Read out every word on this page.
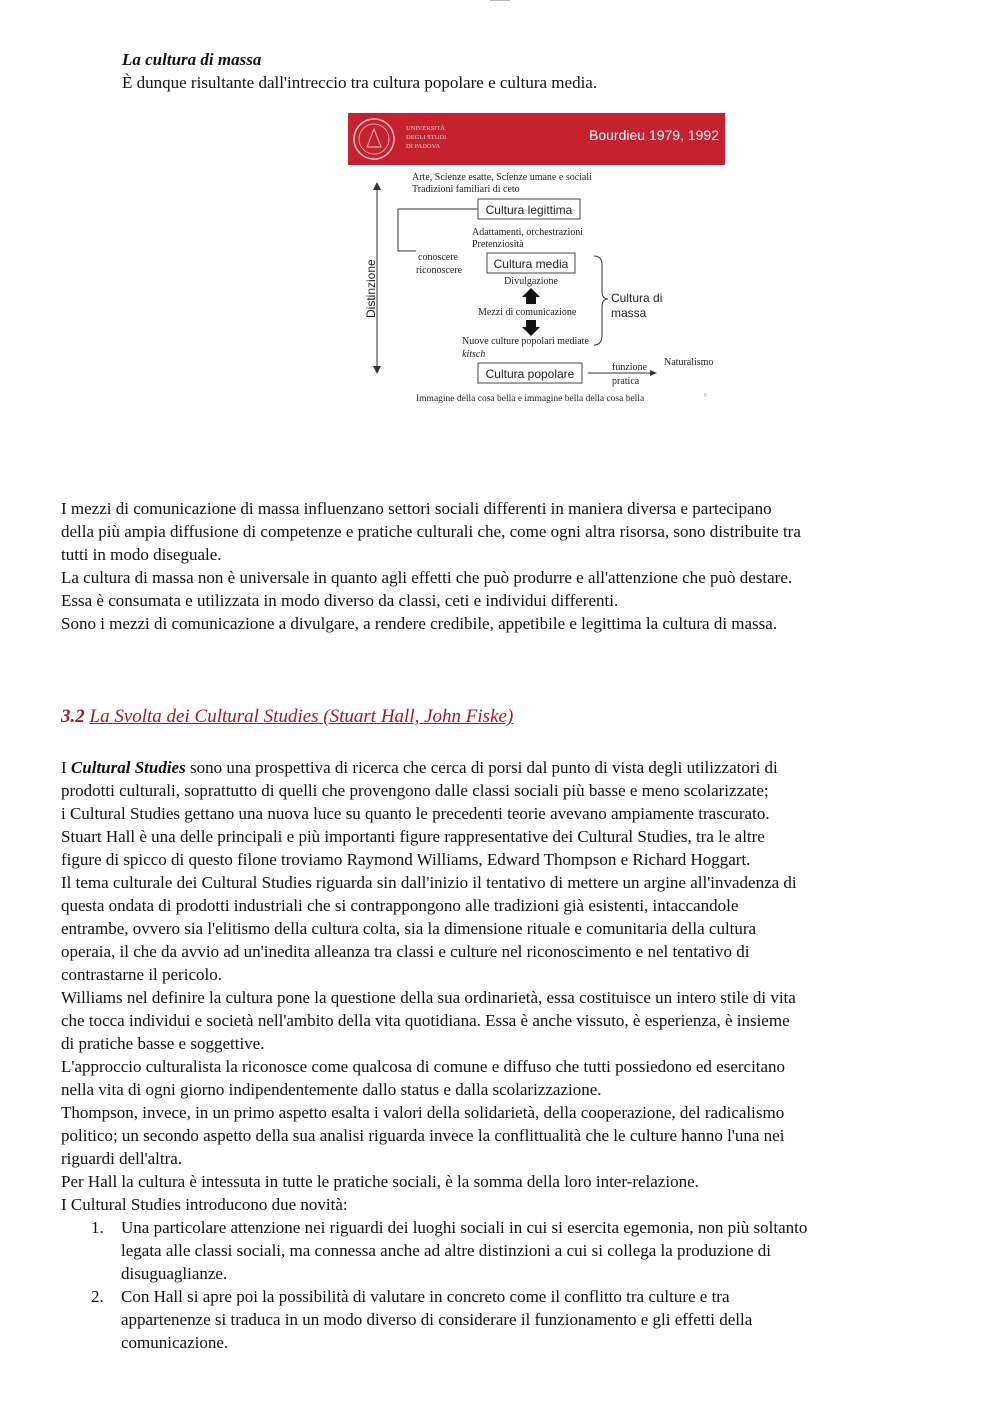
La cultura di massa
È dunque risultante dall'intreccio tra cultura popolare e cultura media.
UNIVERSITÀ
DEGLI STUDI
DI PADOVA
Bourdieu 1979, 1992
Arte, Scienze esatte, Scienze umane e sociali
Tradizioni familiari di ceto
Distinzione
Cultura legittima
Adattamenti, orchestrazioni
Pretenziosità
conoscere
riconoscere	Cultura media
Divulgazione
Mezzi di comunicazione
Nuove culture popolari mediate
kitsch
Cultura popolare
Cultura di
massa
funzione
pratica
Naturalismo
Immagine della cosa bella e immagine bella della cosa bella	5

I mezzi di comunicazione di massa influenzano settori sociali differenti in maniera diversa e partecipano

della più ampia diffusione di competenze e pratiche culturali che, come ogni altra risorsa, sono distribuite tra

tutti in modo diseguale.

La cultura di massa non è universale in quanto agli effetti che può produrre e all'attenzione che può destare.

Essa è consumata e utilizzata in modo diverso da classi, ceti e individui differenti.

Sono i mezzi di comunicazione a divulgare, a rendere credibile, appetibile e legittima la cultura di massa.

3.2 La Svolta dei Cultural Studies (Stuart Hall, John Fiske)

I Cultural Studies sono una prospettiva di ricerca che cerca di porsi dal punto di vista degli utilizzatori di

prodotti culturali, soprattutto di quelli che provengono dalle classi sociali più basse e meno scolarizzate;

i Cultural Studies gettano una nuova luce su quanto le precedenti teorie avevano ampiamente trascurato.

Stuart Hall è una delle principali e più importanti figure rappresentative dei Cultural Studies, tra le altre

figure di spicco di questo filone troviamo Raymond Williams, Edward Thompson e Richard Hoggart.

Il tema culturale dei Cultural Studies riguarda sin dall'inizio il tentativo di mettere un argine all'invadenza di

questa ondata di prodotti industriali che si contrappongono alle tradizioni già esistenti, intaccandole

entrambe, ovvero sia l'elitismo della cultura colta, sia la dimensione rituale e comunitaria della cultura

operaia, il che da avvio ad un'inedita alleanza tra classi e culture nel riconoscimento e nel tentativo di

contrastarne il pericolo.

Williams nel definire la cultura pone la questione della sua ordinarietà, essa costituisce un intero stile di vita

che tocca individui e società nell'ambito della vita quotidiana. Essa è anche vissuto, è esperienza, è insieme

di pratiche basse e soggettive.

L'approccio culturalista la riconosce come qualcosa di comune e diffuso che tutti possiedono ed esercitano

nella vita di ogni giorno indipendentemente dallo status e dalla scolarizzazione.

Thompson, invece, in un primo aspetto esalta i valori della solidarietà, della cooperazione, del radicalismo

politico; un secondo aspetto della sua analisi riguarda invece la conflittualità che le culture hanno l'una nei

riguardi dell'altra.

Per Hall la cultura è intessuta in tutte le pratiche sociali, è la somma della loro inter-relazione.

I Cultural Studies introducono due novità:

1. Una particolare attenzione nei riguardi dei luoghi sociali in cui si esercita egemonia, non più soltanto
legata alle classi sociali, ma connessa anche ad altre distinzioni a cui si collega la produzione di
disuguaglianze.
2. Con Hall si apre poi la possibilità di valutare in concreto come il conflitto tra culture e tra
appartenenze si traduca in un modo diverso di considerare il funzionamento e gli effetti della
comunicazione.
